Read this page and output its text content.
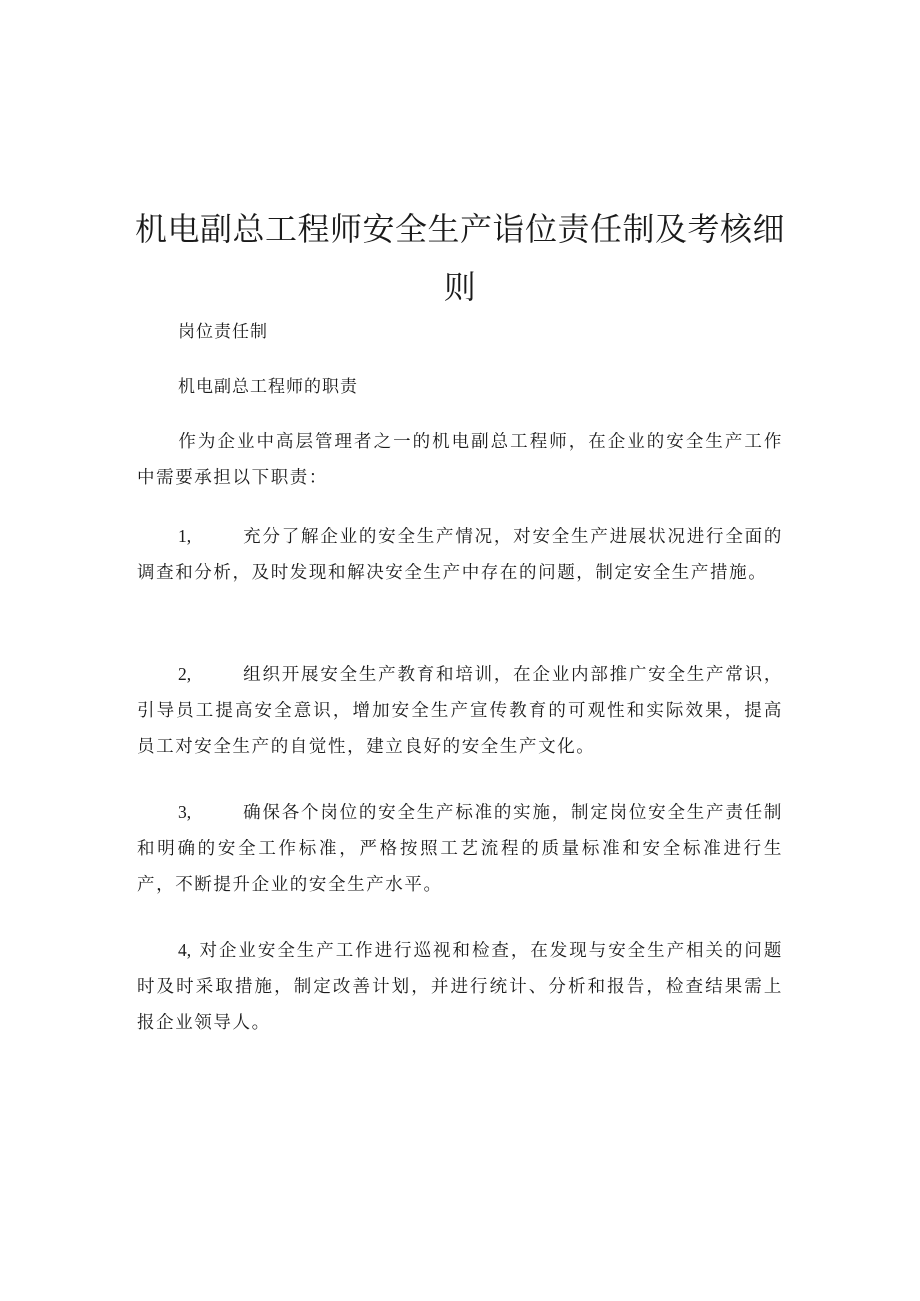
机电副总工程师安全生产诣位责任制及考核细则

岗位责任制

机电副总工程师的职责

作为企业中高层管理者之一的机电副总工程师，在企业的安全生产工作中需要承担以下职责：

1,	充分了解企业的安全生产情况，对安全生产进展状况进行全面的调查和分析，及时发现和解决安全生产中存在的问题，制定安全生产措施。

2,	组织开展安全生产教育和培训，在企业内部推广安全生产常识，引导员工提高安全意识，增加安全生产宣传教育的可观性和实际效果，提高员工对安全生产的自觉性，建立良好的安全生产文化。

3,	确保各个岗位的安全生产标准的实施，制定岗位安全生产责任制和明确的安全工作标准，严格按照工艺流程的质量标准和安全标准进行生产，不断提升企业的安全生产水平。

4, 对企业安全生产工作进行巡视和检查，在发现与安全生产相关的问题时及时采取措施，制定改善计划，并进行统计、分析和报告，检查结果需上报企业领导人。
